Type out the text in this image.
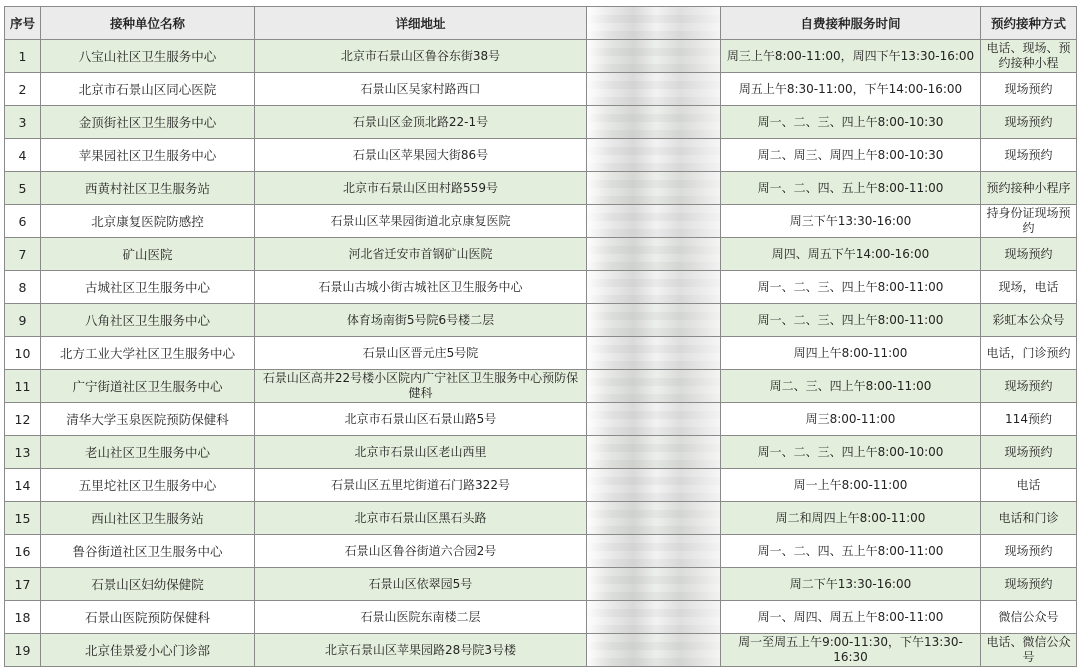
序号	接种单位名称	详细地址		自费接种服务时间	预约接种方式
1	八宝山社区卫生服务中心	北京市石景山区鲁谷东街38号		周三上午8:00-11:00，周四下午13:30-16:00	电话、现场、预约接种小程
2	北京市石景山区同心医院	石景山区吴家村路西口		周五上午8:30-11:00，下午14:00-16:00	现场预约
3	金顶街社区卫生服务中心	石景山区金顶北路22-1号		周一、二、三、四上午8:00-10:30	现场预约
4	苹果园社区卫生服务中心	石景山区苹果园大街86号		周二、周三、周四上午8:00-10:30	现场预约
5	西黄村社区卫生服务站	北京市石景山区田村路559号		周一、二、四、五上午8:00-11:00	预约接种小程序
6	北京康复医院防感控	石景山区苹果园街道北京康复医院		周三下午13:30-16:00	持身份证现场预约
7	矿山医院	河北省迁安市首钢矿山医院		周四、周五下午14:00-16:00	现场预约
8	古城社区卫生服务中心	石景山古城小街古城社区卫生服务中心		周一、二、三、四上午8:00-11:00	现场，电话
9	八角社区卫生服务中心	体育场南街5号院6号楼二层		周一、二、三、四上午8:00-11:00	彩虹本公众号
10	北方工业大学社区卫生服务中心	石景山区晋元庄5号院		周四上午8:00-11:00	电话，门诊预约
11	广宁街道社区卫生服务中心	石景山区高井22号楼小区院内广宁社区卫生服务中心预防保健科		周二、三、四上午8:00-11:00	现场预约
12	清华大学玉泉医院预防保健科	北京市石景山区石景山路5号		周三8:00-11:00	114预约
13	老山社区卫生服务中心	北京市石景山区老山西里		周一、二、三、四上午8:00-10:00	现场预约
14	五里坨社区卫生服务中心	石景山区五里坨街道石门路322号		周一上午8:00-11:00	电话
15	西山社区卫生服务站	北京市石景山区黑石头路		周二和周四上午8:00-11:00	电话和门诊
16	鲁谷街道社区卫生服务中心	石景山区鲁谷街道六合园2号		周一、二、四、五上午8:00-11:00	现场预约
17	石景山区妇幼保健院	石景山区依翠园5号		周二下午13:30-16:00	现场预约
18	石景山医院预防保健科	石景山医院东南楼二层		周一、周四、周五上午8:00-11:00	微信公众号
19	北京佳景爱小心门诊部	北京石景山区苹果园路28号院3号楼		周一至周五上午9:00-11:30，下午13:30-16:30	电话、微信公众号
